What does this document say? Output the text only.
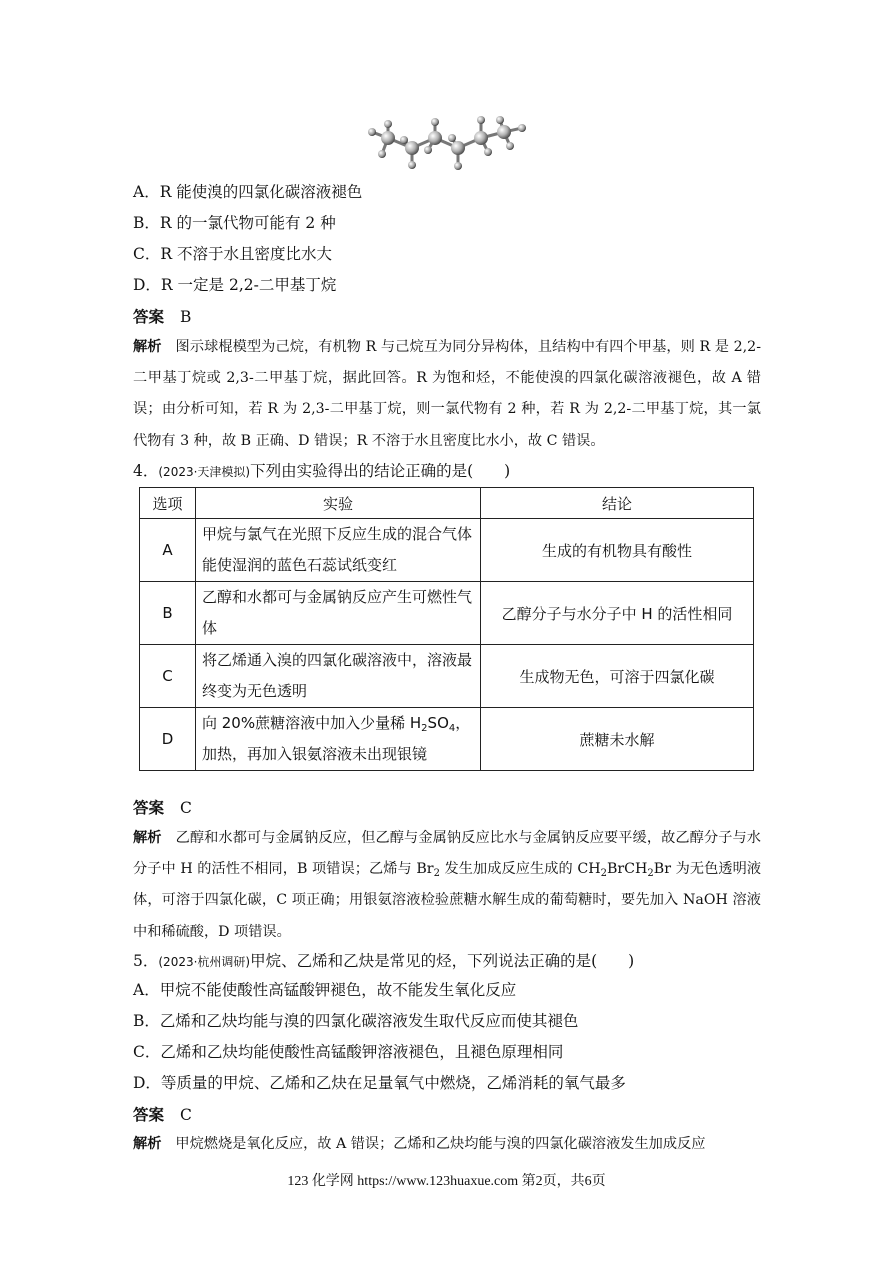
A．R 能使溴的四氯化碳溶液褪色
B．R 的一氯代物可能有 2 种
C．R 不溶于水且密度比水大
D．R 一定是 2,2-二甲基丁烷
答案 B
解析 图示球棍模型为己烷，有机物 R 与己烷互为同分异构体，且结构中有四个甲基，则 R 是 2,2-二甲基丁烷或 2,3-二甲基丁烷，据此回答。R 为饱和烃，不能使溴的四氯化碳溶液褪色，故 A 错误；由分析可知，若 R 为 2,3-二甲基丁烷，则一氯代物有 2 种，若 R 为 2,2-二甲基丁烷，其一氯代物有 3 种，故 B 正确、D 错误；R 不溶于水且密度比水小，故 C 错误。
4．(2023·天津模拟)下列由实验得出的结论正确的是(　　)
选项	实验	结论
A	甲烷与氯气在光照下反应生成的混合气体能使湿润的蓝色石蕊试纸变红	生成的有机物具有酸性
B	乙醇和水都可与金属钠反应产生可燃性气体	乙醇分子与水分子中 H 的活性相同
C	将乙烯通入溴的四氯化碳溶液中，溶液最终变为无色透明	生成物无色，可溶于四氯化碳
D	向 20%蔗糖溶液中加入少量稀 $H_2SO_4$，加热，再加入银氨溶液未出现银镜	蔗糖未水解
答案 C
解析 乙醇和水都可与金属钠反应，但乙醇与金属钠反应比水与金属钠反应要平缓，故乙醇分子与水分子中 H 的活性不相同，B 项错误；乙烯与 $Br_2$ 发生加成反应生成的 $CH_2BrCH_2Br$ 为无色透明液体，可溶于四氯化碳，C 项正确；用银氨溶液检验蔗糖水解生成的葡萄糖时，要先加入 NaOH 溶液中和稀硫酸，D 项错误。
5．(2023·杭州调研)甲烷、乙烯和乙炔是常见的烃，下列说法正确的是(　　)
A．甲烷不能使酸性高锰酸钾褪色，故不能发生氧化反应
B．乙烯和乙炔均能与溴的四氯化碳溶液发生取代反应而使其褪色
C．乙烯和乙炔均能使酸性高锰酸钾溶液褪色，且褪色原理相同
D．等质量的甲烷、乙烯和乙炔在足量氧气中燃烧，乙烯消耗的氧气最多
答案 C
解析 甲烷燃烧是氧化反应，故 A 错误；乙烯和乙炔均能与溴的四氯化碳溶液发生加成反应
123 化学网 https://www.123huaxue.com 第2页，共6页
